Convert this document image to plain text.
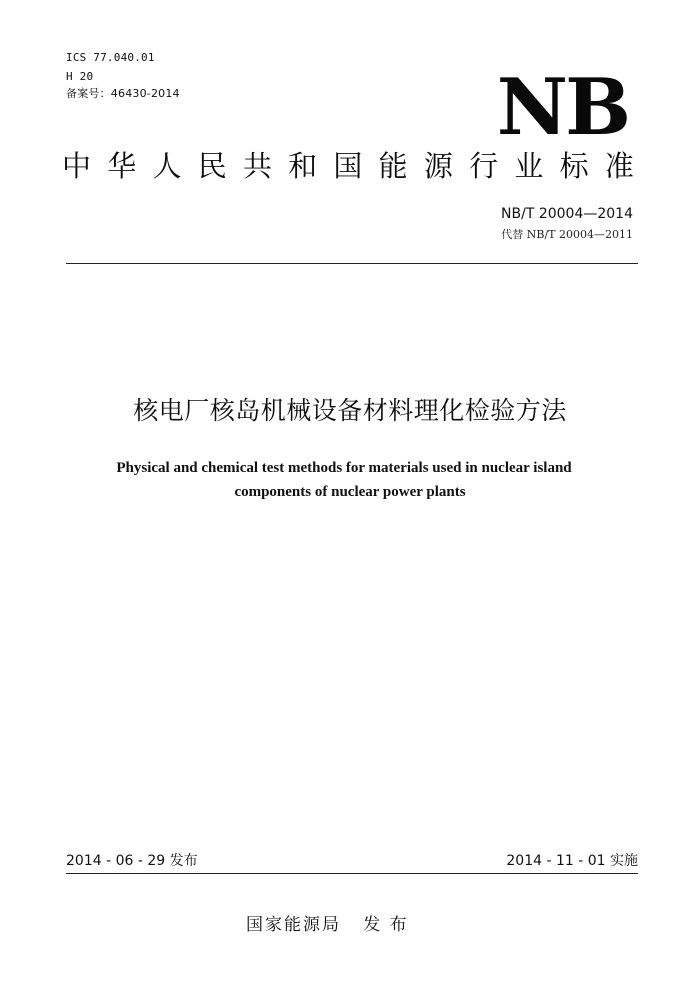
ICS 77.040.01
H 20
备案号：46430-2014	NB
中 华 人 民 共 和 国 能 源 行 业 标 准
NB/T 20004—2014
代替 NB/T 20004—2011
核电厂核岛机械设备材料理化检验方法
Physical and chemical test methods for materials used in nuclear island
components of nuclear power plants
2014 - 06 - 29 发布	2014 - 11 - 01 实施
国家能源局   发 布
